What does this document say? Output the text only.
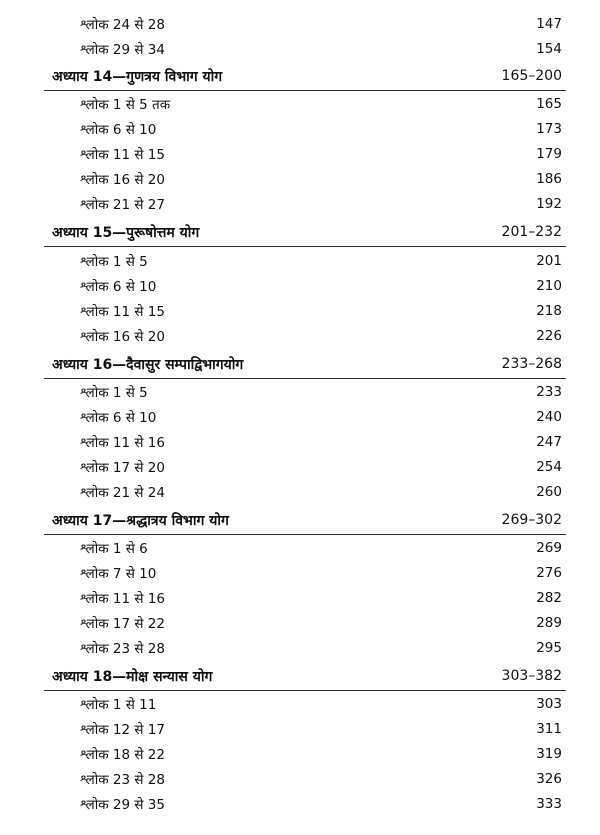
श्लोक 24 से 28	147
श्लोक 29 से 34	154
अध्याय 14—गुणत्रय विभाग योग	165–200
श्लोक 1 से 5 तक	165
श्लोक 6 से 10	173
श्लोक 11 से 15	179
श्लोक 16 से 20	186
श्लोक 21 से 27	192
अध्याय 15—पुरूषोत्तम योग	201–232
श्लोक 1 से 5	201
श्लोक 6 से 10	210
श्लोक 11 से 15	218
श्लोक 16 से 20	226
अध्याय 16—दैवासुर सम्पाद्विभागयोग	233–268
श्लोक 1 से 5	233
श्लोक 6 से 10	240
श्लोक 11 से 16	247
श्लोक 17 से 20	254
श्लोक 21 से 24	260
अध्याय 17—श्रद्धात्रय विभाग योग	269–302
श्लोक 1 से 6	269
श्लोक 7 से 10	276
श्लोक 11 से 16	282
श्लोक 17 से 22	289
श्लोक 23 से 28	295
अध्याय 18—मोक्ष सन्यास योग	303–382
श्लोक 1 से 11	303
श्लोक 12 से 17	311
श्लोक 18 से 22	319
श्लोक 23 से 28	326
श्लोक 29 से 35	333
